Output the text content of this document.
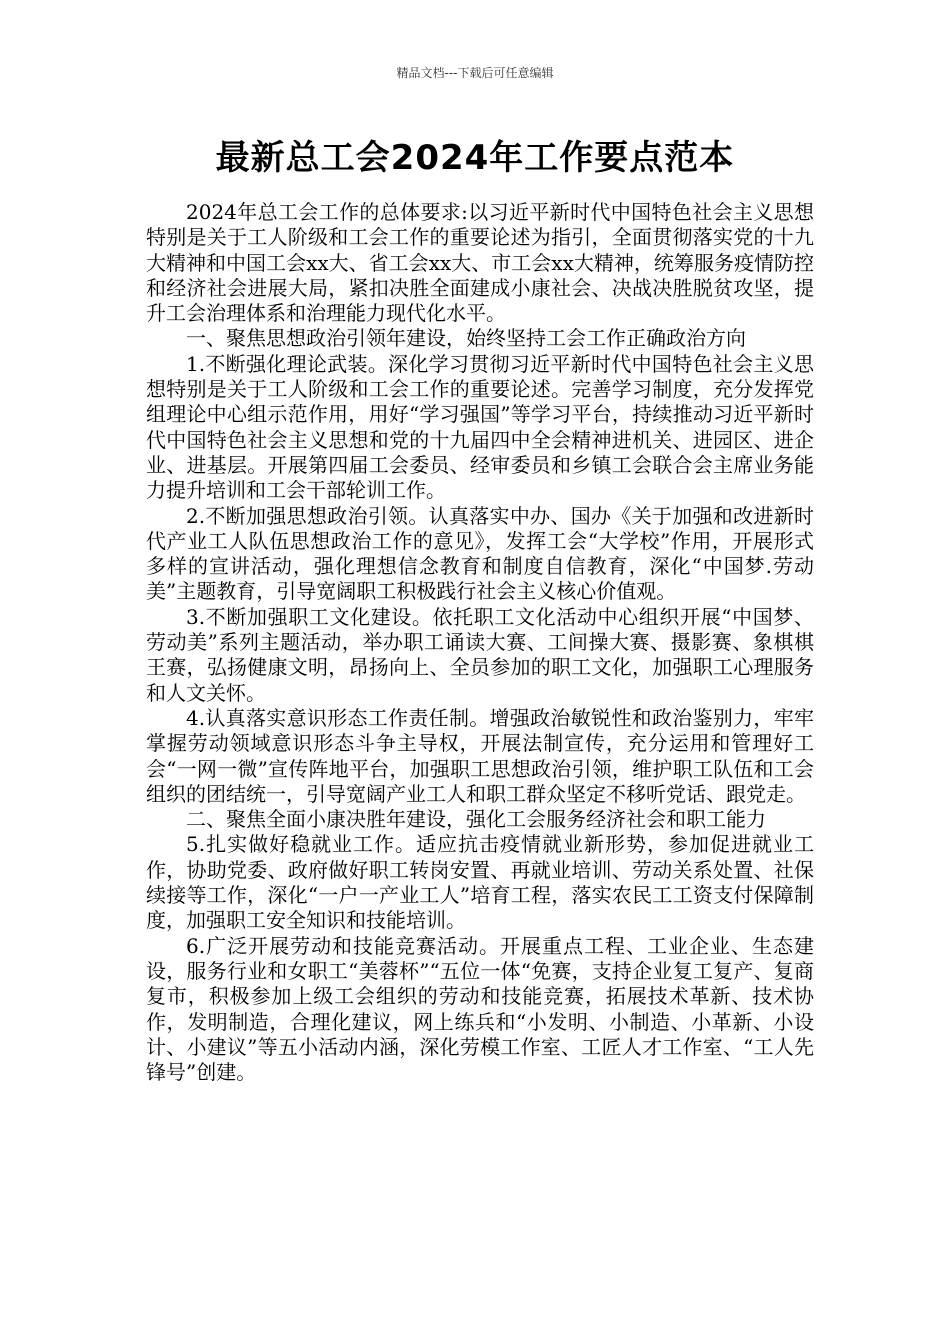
精品文档---下载后可任意编辑
最新总工会2024年工作要点范本

2024年总工会工作的总体要求:以习近平新时代中国特色社会主义思想特别是关于工人阶级和工会工作的重要论述为指引，全面贯彻落实党的十九大精神和中国工会xx大、省工会xx大、市工会xx大精神，统筹服务疫情防控和经济社会进展大局，紧扣决胜全面建成小康社会、决战决胜脱贫攻坚，提升工会治理体系和治理能力现代化水平。

一、聚焦思想政治引领年建设，始终坚持工会工作正确政治方向

1.不断强化理论武装。深化学习贯彻习近平新时代中国特色社会主义思想特别是关于工人阶级和工会工作的重要论述。完善学习制度，充分发挥党组理论中心组示范作用，用好“学习强国”等学习平台，持续推动习近平新时代中国特色社会主义思想和党的十九届四中全会精神进机关、进园区、进企业、进基层。开展第四届工会委员、经审委员和乡镇工会联合会主席业务能力提升培训和工会干部轮训工作。

2.不断加强思想政治引领。认真落实中办、国办《关于加强和改进新时代产业工人队伍思想政治工作的意见》，发挥工会“大学校”作用，开展形式多样的宣讲活动，强化理想信念教育和制度自信教育，深化“中国梦.劳动美”主题教育，引导宽阔职工积极践行社会主义核心价值观。

3.不断加强职工文化建设。依托职工文化活动中心组织开展“中国梦、劳动美”系列主题活动，举办职工诵读大赛、工间操大赛、摄影赛、象棋棋王赛，弘扬健康文明，昂扬向上、全员参加的职工文化，加强职工心理服务和人文关怀。

4.认真落实意识形态工作责任制。增强政治敏锐性和政治鉴别力，牢牢掌握劳动领域意识形态斗争主导权，开展法制宣传，充分运用和管理好工会“一网一微”宣传阵地平台，加强职工思想政治引领，维护职工队伍和工会组织的团结统一，引导宽阔产业工人和职工群众坚定不移听党话、跟党走。

二、聚焦全面小康决胜年建设，强化工会服务经济社会和职工能力

5.扎实做好稳就业工作。适应抗击疫情就业新形势，参加促进就业工作，协助党委、政府做好职工转岗安置、再就业培训、劳动关系处置、社保续接等工作，深化“一户一产业工人”培育工程，落实农民工工资支付保障制度，加强职工安全知识和技能培训。

6.广泛开展劳动和技能竞赛活动。开展重点工程、工业企业、生态建设，服务行业和女职工“美蓉杯”“五位一体“免赛，支持企业复工复产、复商复市，积极参加上级工会组织的劳动和技能竞赛，拓展技术革新、技术协作，发明制造，合理化建议，网上练兵和“小发明、小制造、小革新、小设计、小建议”等五小活动内涵，深化劳模工作室、工匠人才工作室、“工人先锋号”创建。
